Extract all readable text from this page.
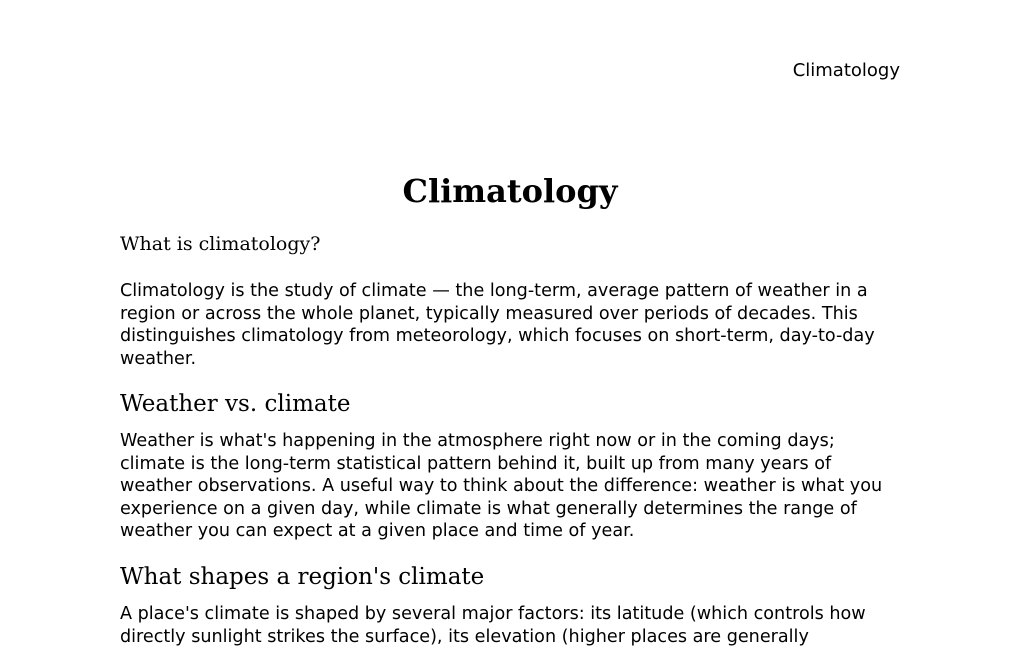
Climatology
Climatology
What is climatology?

Climatology is the study of climate — the long-term, average pattern of weather in a region or across the whole planet, typically measured over periods of decades. This distinguishes climatology from meteorology, which focuses on short-term, day-to-day weather.

Weather vs. climate

Weather is what's happening in the atmosphere right now or in the coming days; climate is the long-term statistical pattern behind it, built up from many years of weather observations. A useful way to think about the difference: weather is what you experience on a given day, while climate is what generally determines the range of weather you can expect at a given place and time of year.

What shapes a region's climate

A place's climate is shaped by several major factors: its latitude (which controls how directly sunlight strikes the surface), its elevation (higher places are generally
